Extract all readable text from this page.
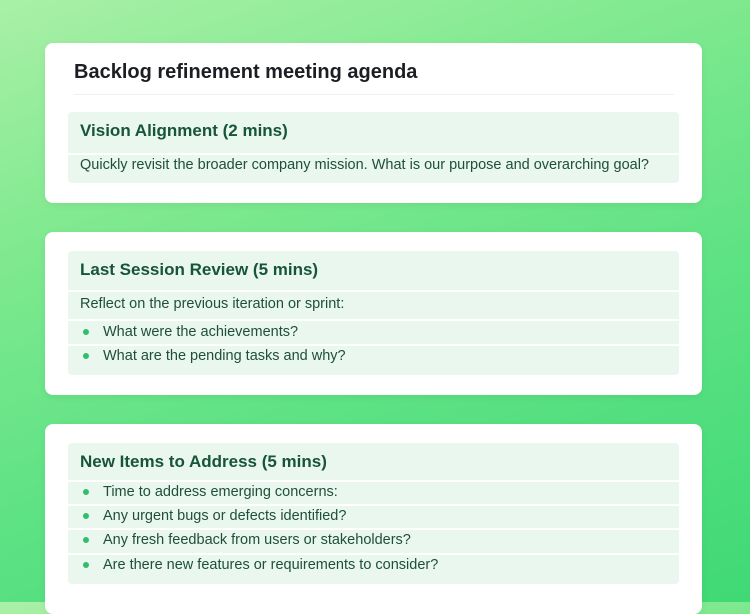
Backlog refinement meeting agenda
Vision Alignment (2 mins)
Quickly revisit the broader company mission. What is our purpose and overarching goal?
Last Session Review (5 mins)
Reflect on the previous iteration or sprint:
What were the achievements?
What are the pending tasks and why?
New Items to Address (5 mins)
Time to address emerging concerns:
Any urgent bugs or defects identified?
Any fresh feedback from users or stakeholders?
Are there new features or requirements to consider?
